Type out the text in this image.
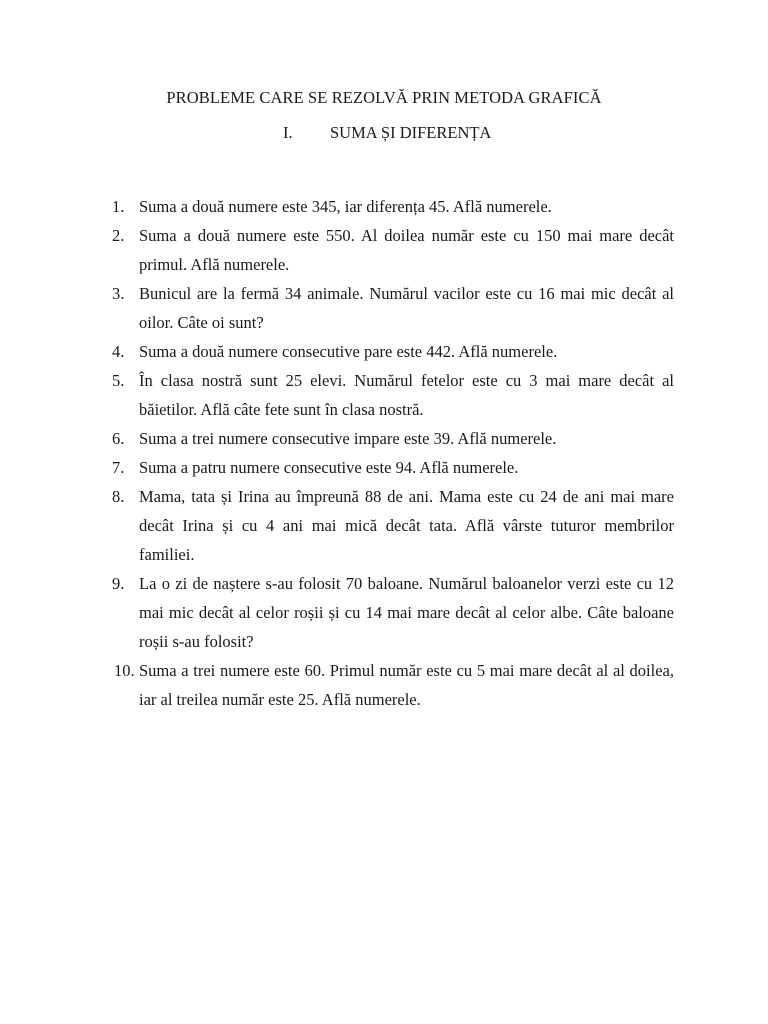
PROBLEME CARE SE REZOLVĂ PRIN METODA GRAFICĂ
I. SUMA ȘI DIFERENȚA
1. Suma a două numere este 345, iar diferența 45. Află numerele.
2. Suma a două numere este 550. Al doilea număr este cu 150 mai mare decât primul. Află numerele.
3. Bunicul are la fermă 34 animale. Numărul vacilor este cu 16 mai mic decât al oilor. Câte oi sunt?
4. Suma a două numere consecutive pare este 442. Află numerele.
5. În clasa nostră sunt 25 elevi. Numărul fetelor este cu 3 mai mare decât al băietilor. Află câte fete sunt în clasa nostră.
6. Suma a trei numere consecutive impare este 39. Află numerele.
7. Suma a patru numere consecutive este 94. Află numerele.
8. Mama, tata și Irina au împreună 88 de ani. Mama este cu 24 de ani mai mare decât Irina și cu 4 ani mai mică decât tata. Află vârste tuturor membrilor familiei.
9. La o zi de naștere s-au folosit 70 baloane. Numărul baloanelor verzi este cu 12 mai mic decât al celor roșii și cu 14 mai mare decât al celor albe. Câte baloane roșii s-au folosit?
10. Suma a trei numere este 60. Primul număr este cu 5 mai mare decât al al doilea, iar al treilea număr este 25. Află numerele.
